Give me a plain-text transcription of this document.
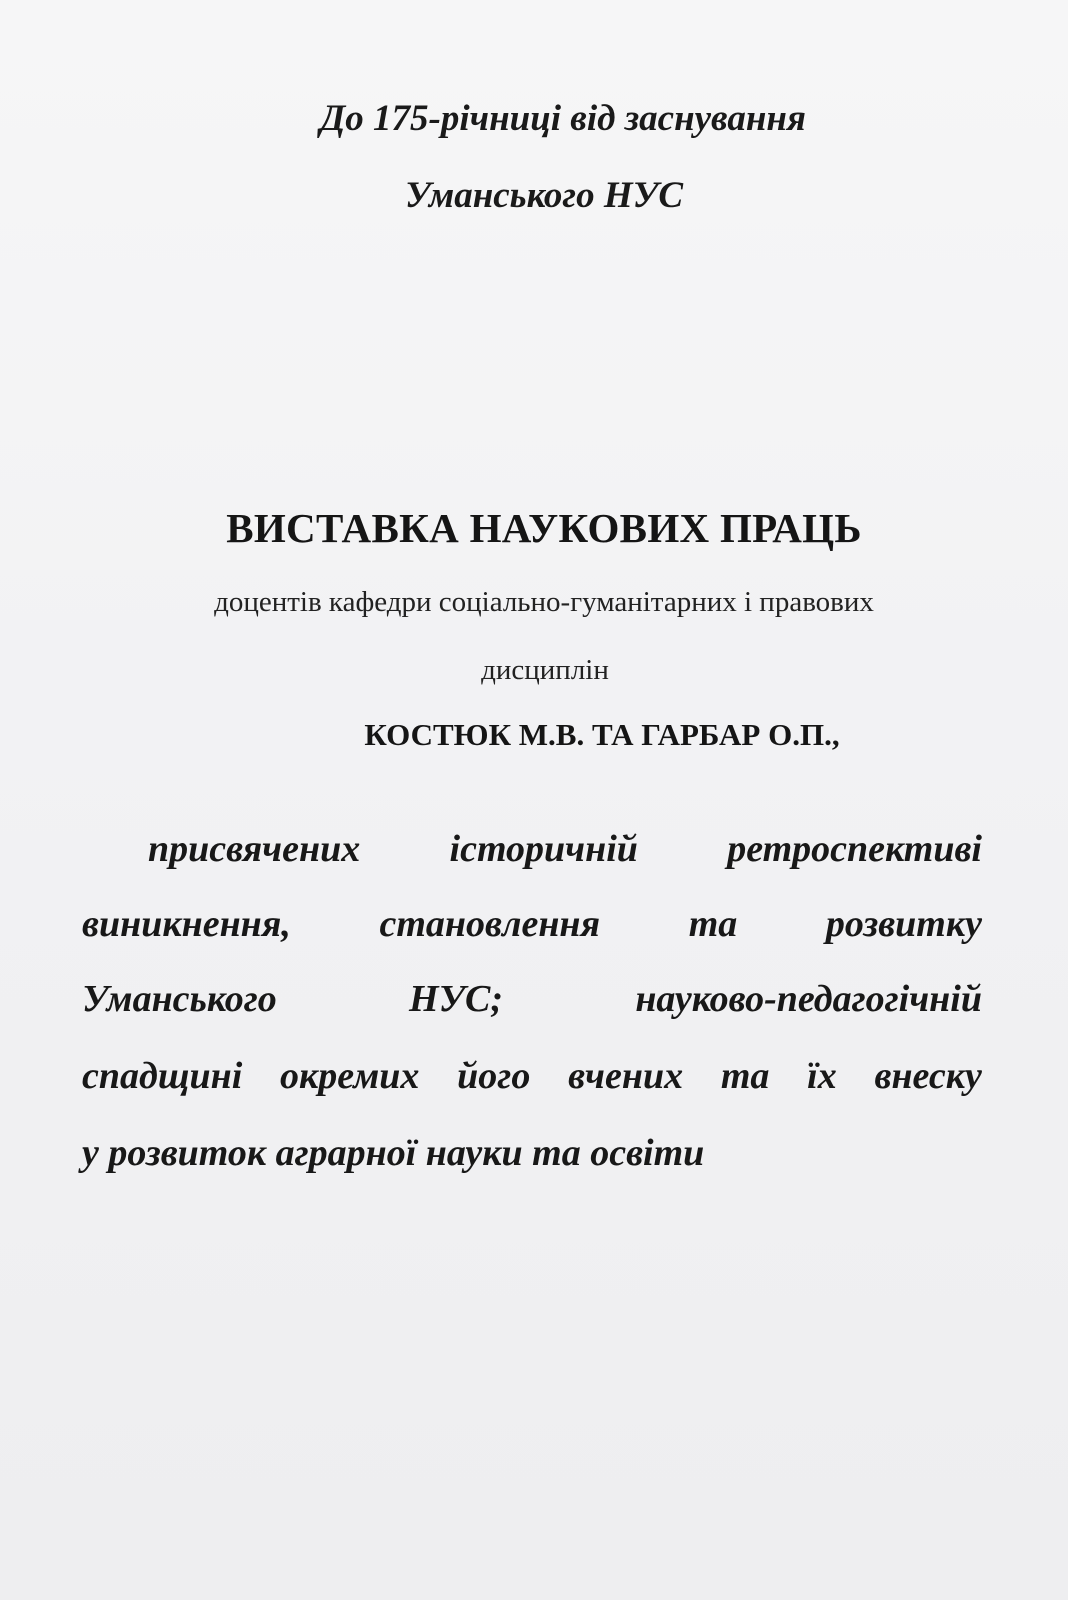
До 175-річниці від заснування
Уманського НУС
ВИСТАВКА НАУКОВИХ ПРАЦЬ
доцентів кафедри соціально-гуманітарних і правових
дисциплін
КОСТЮК М.В. ТА ГАРБАР О.П.,
присвячених історичній ретроспективі
виникнення, становлення та розвитку
Уманського	НУС;	науково-педагогічній
спадщині окремих його вчених та їх внеску
у розвиток аграрної науки та освіти
